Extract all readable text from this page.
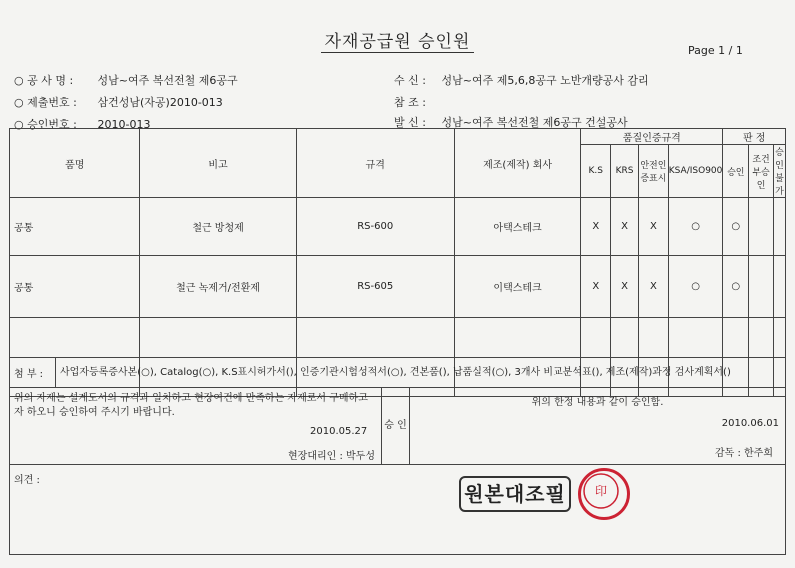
자재공급원 승인원	Page 1 / 1
○ 공 사 명 : 성남~여주 복선전철 제6공구
○ 제출번호 : 삼건성남(자공)2010-013
○ 승인번호 : 2010-013
수 신 : 성남~여주 제5,6,8공구 노반개량공사 감리
참 조 :
발 신 : 성남~여주 복선전철 제6공구 건설공사
품명	비고	규격	제조(제작) 회사	품질인증규격				판 정		
				K.S	KRS	안전인증표시	KSA/ISO900	승인	조건부승인	승인불가
공통	철근 방청제	RS-600	아택스테크	X	X	X	○	○		
공통	철근 녹제거/전환제	RS-605	이택스테크	X	X	X	○	○		

첨 부 :	사업자등록증사본(○), Catalog(○), K.S표시허가서(), 인증기관시험성적서(○), 견본품(), 납품실적(○), 3개사 비교분석표(), 제조(제작)과정 검사계획서()
위의 자재는 설계도서의 규격과 일치하고 현장여건에 만족하는 자재로서 구매하고자 하오니 승인하여 주시기 바랍니다.
2010.05.27
현장대리인 : 박두성
	승 인	
위의 한정 내용과 같이 승인함.
2010.06.01
감독 : 한주희
의견 :
원본대조필	印
